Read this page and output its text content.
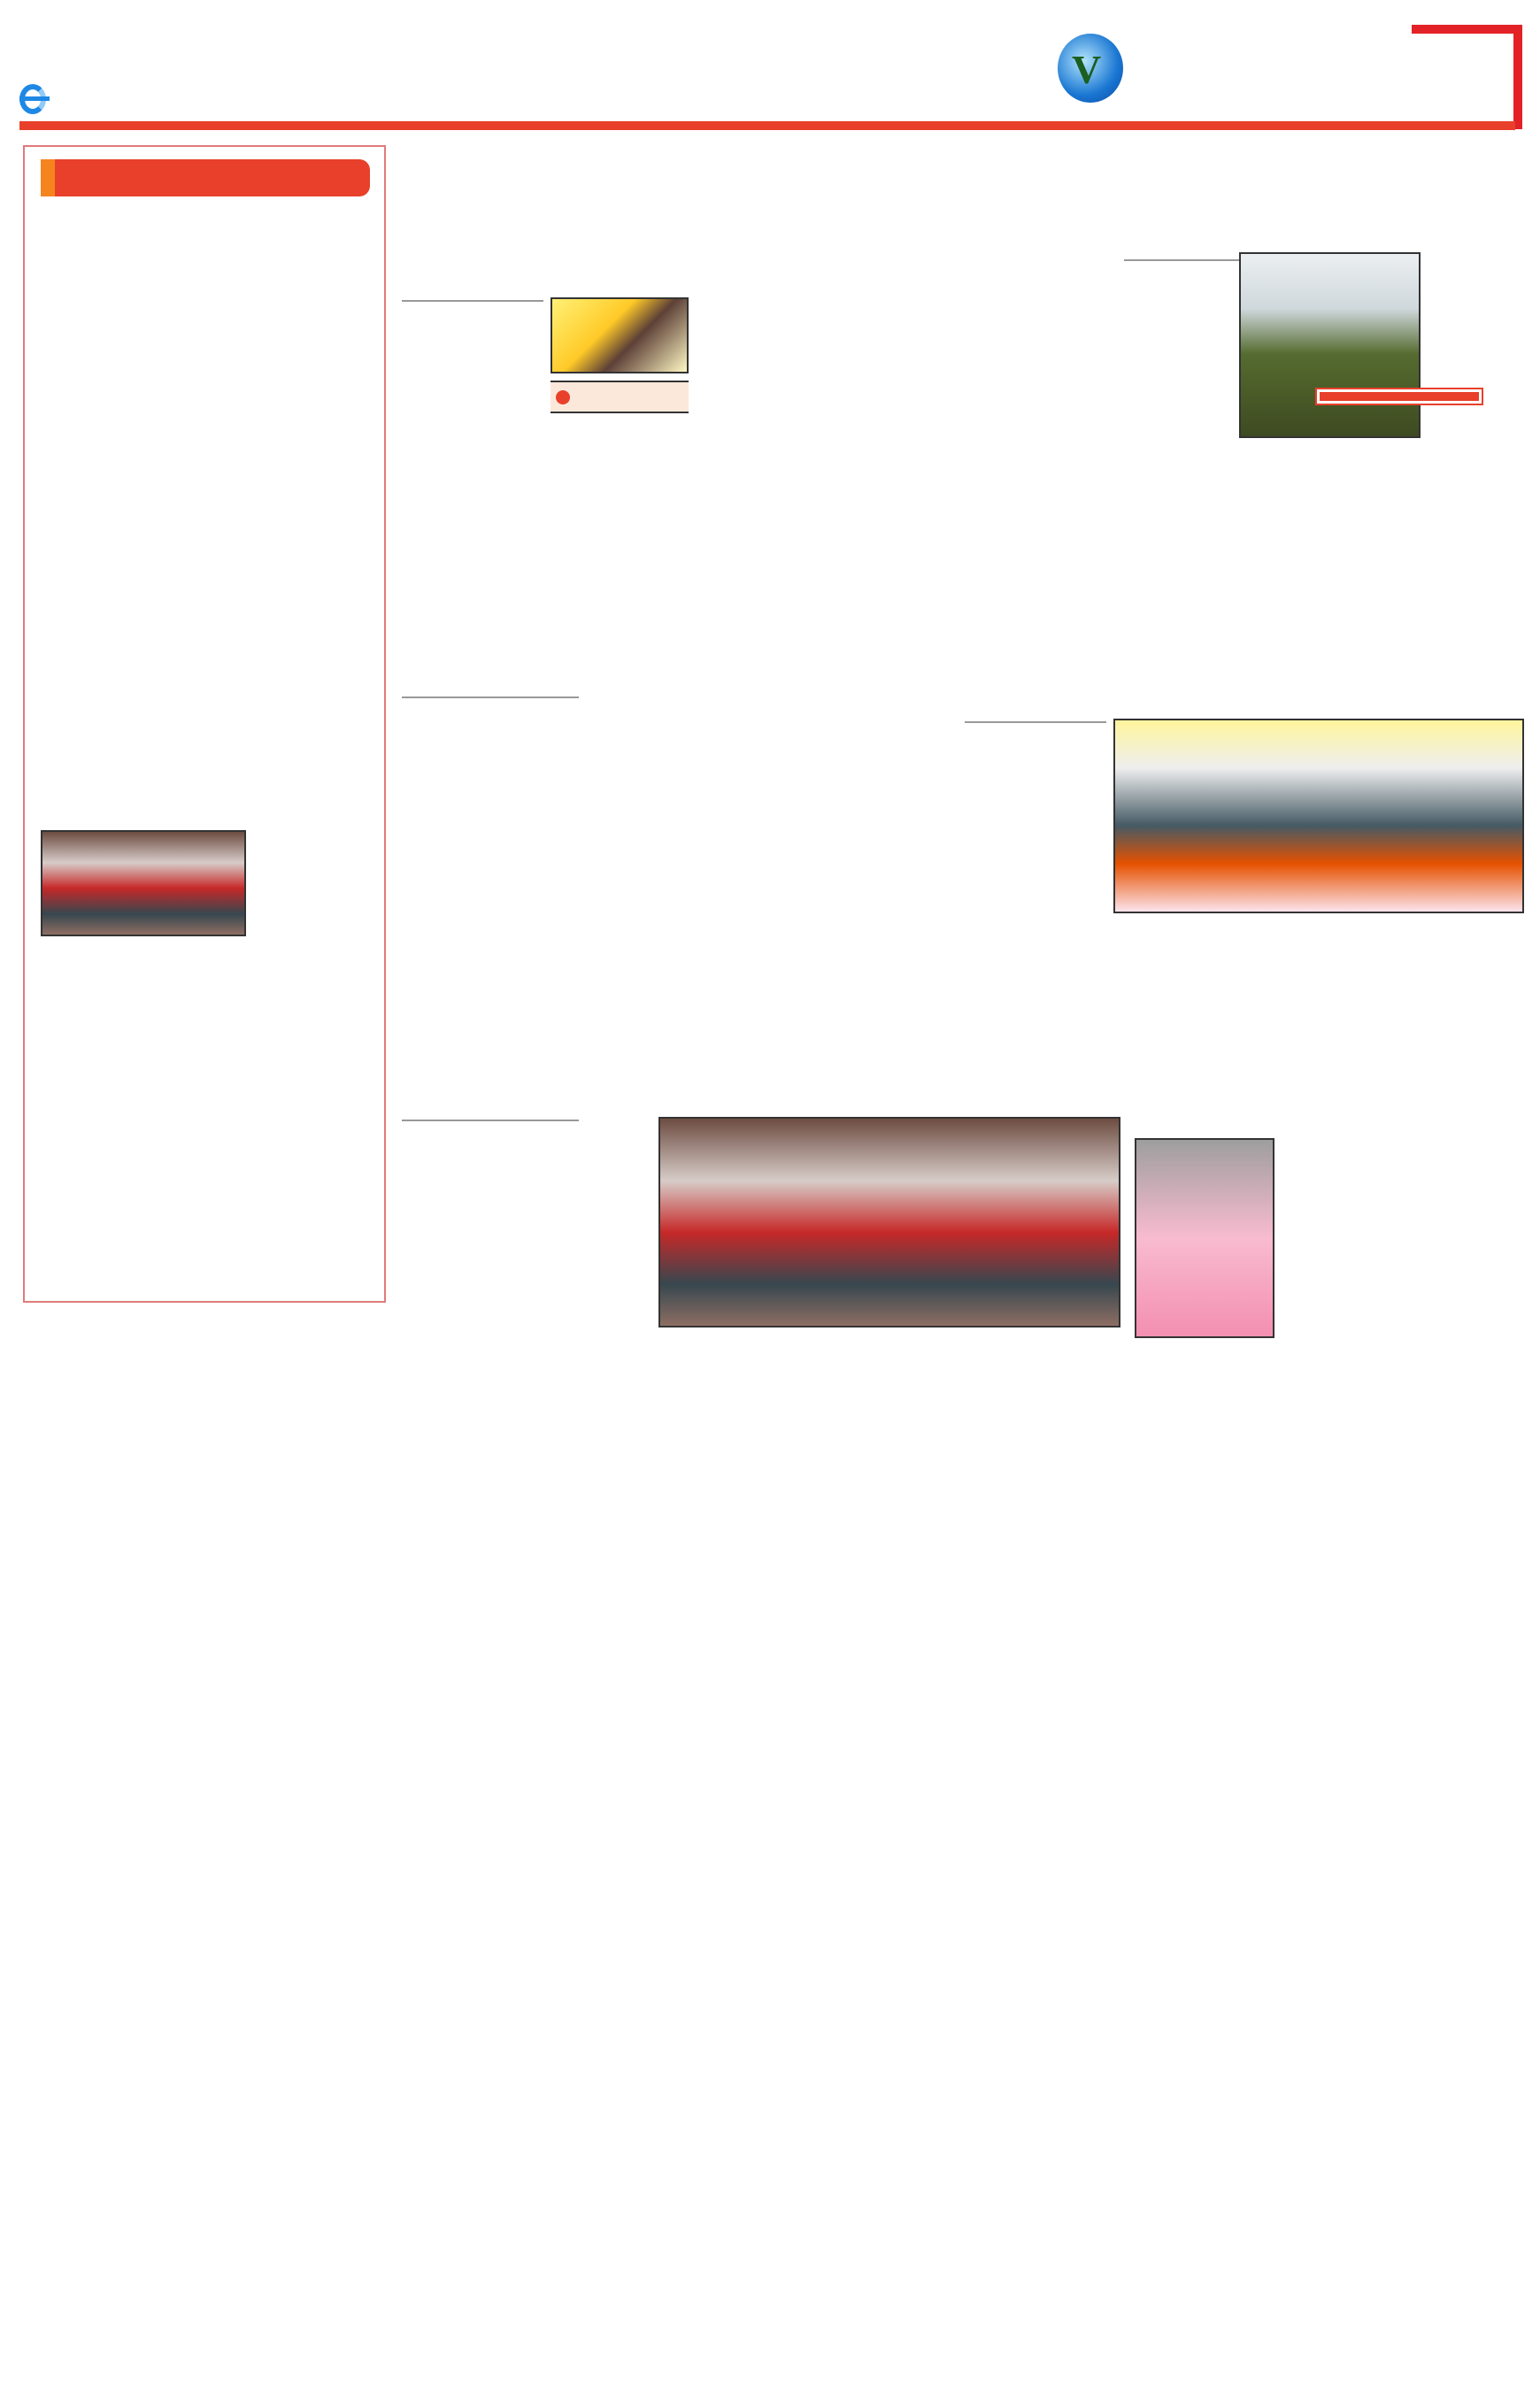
V
